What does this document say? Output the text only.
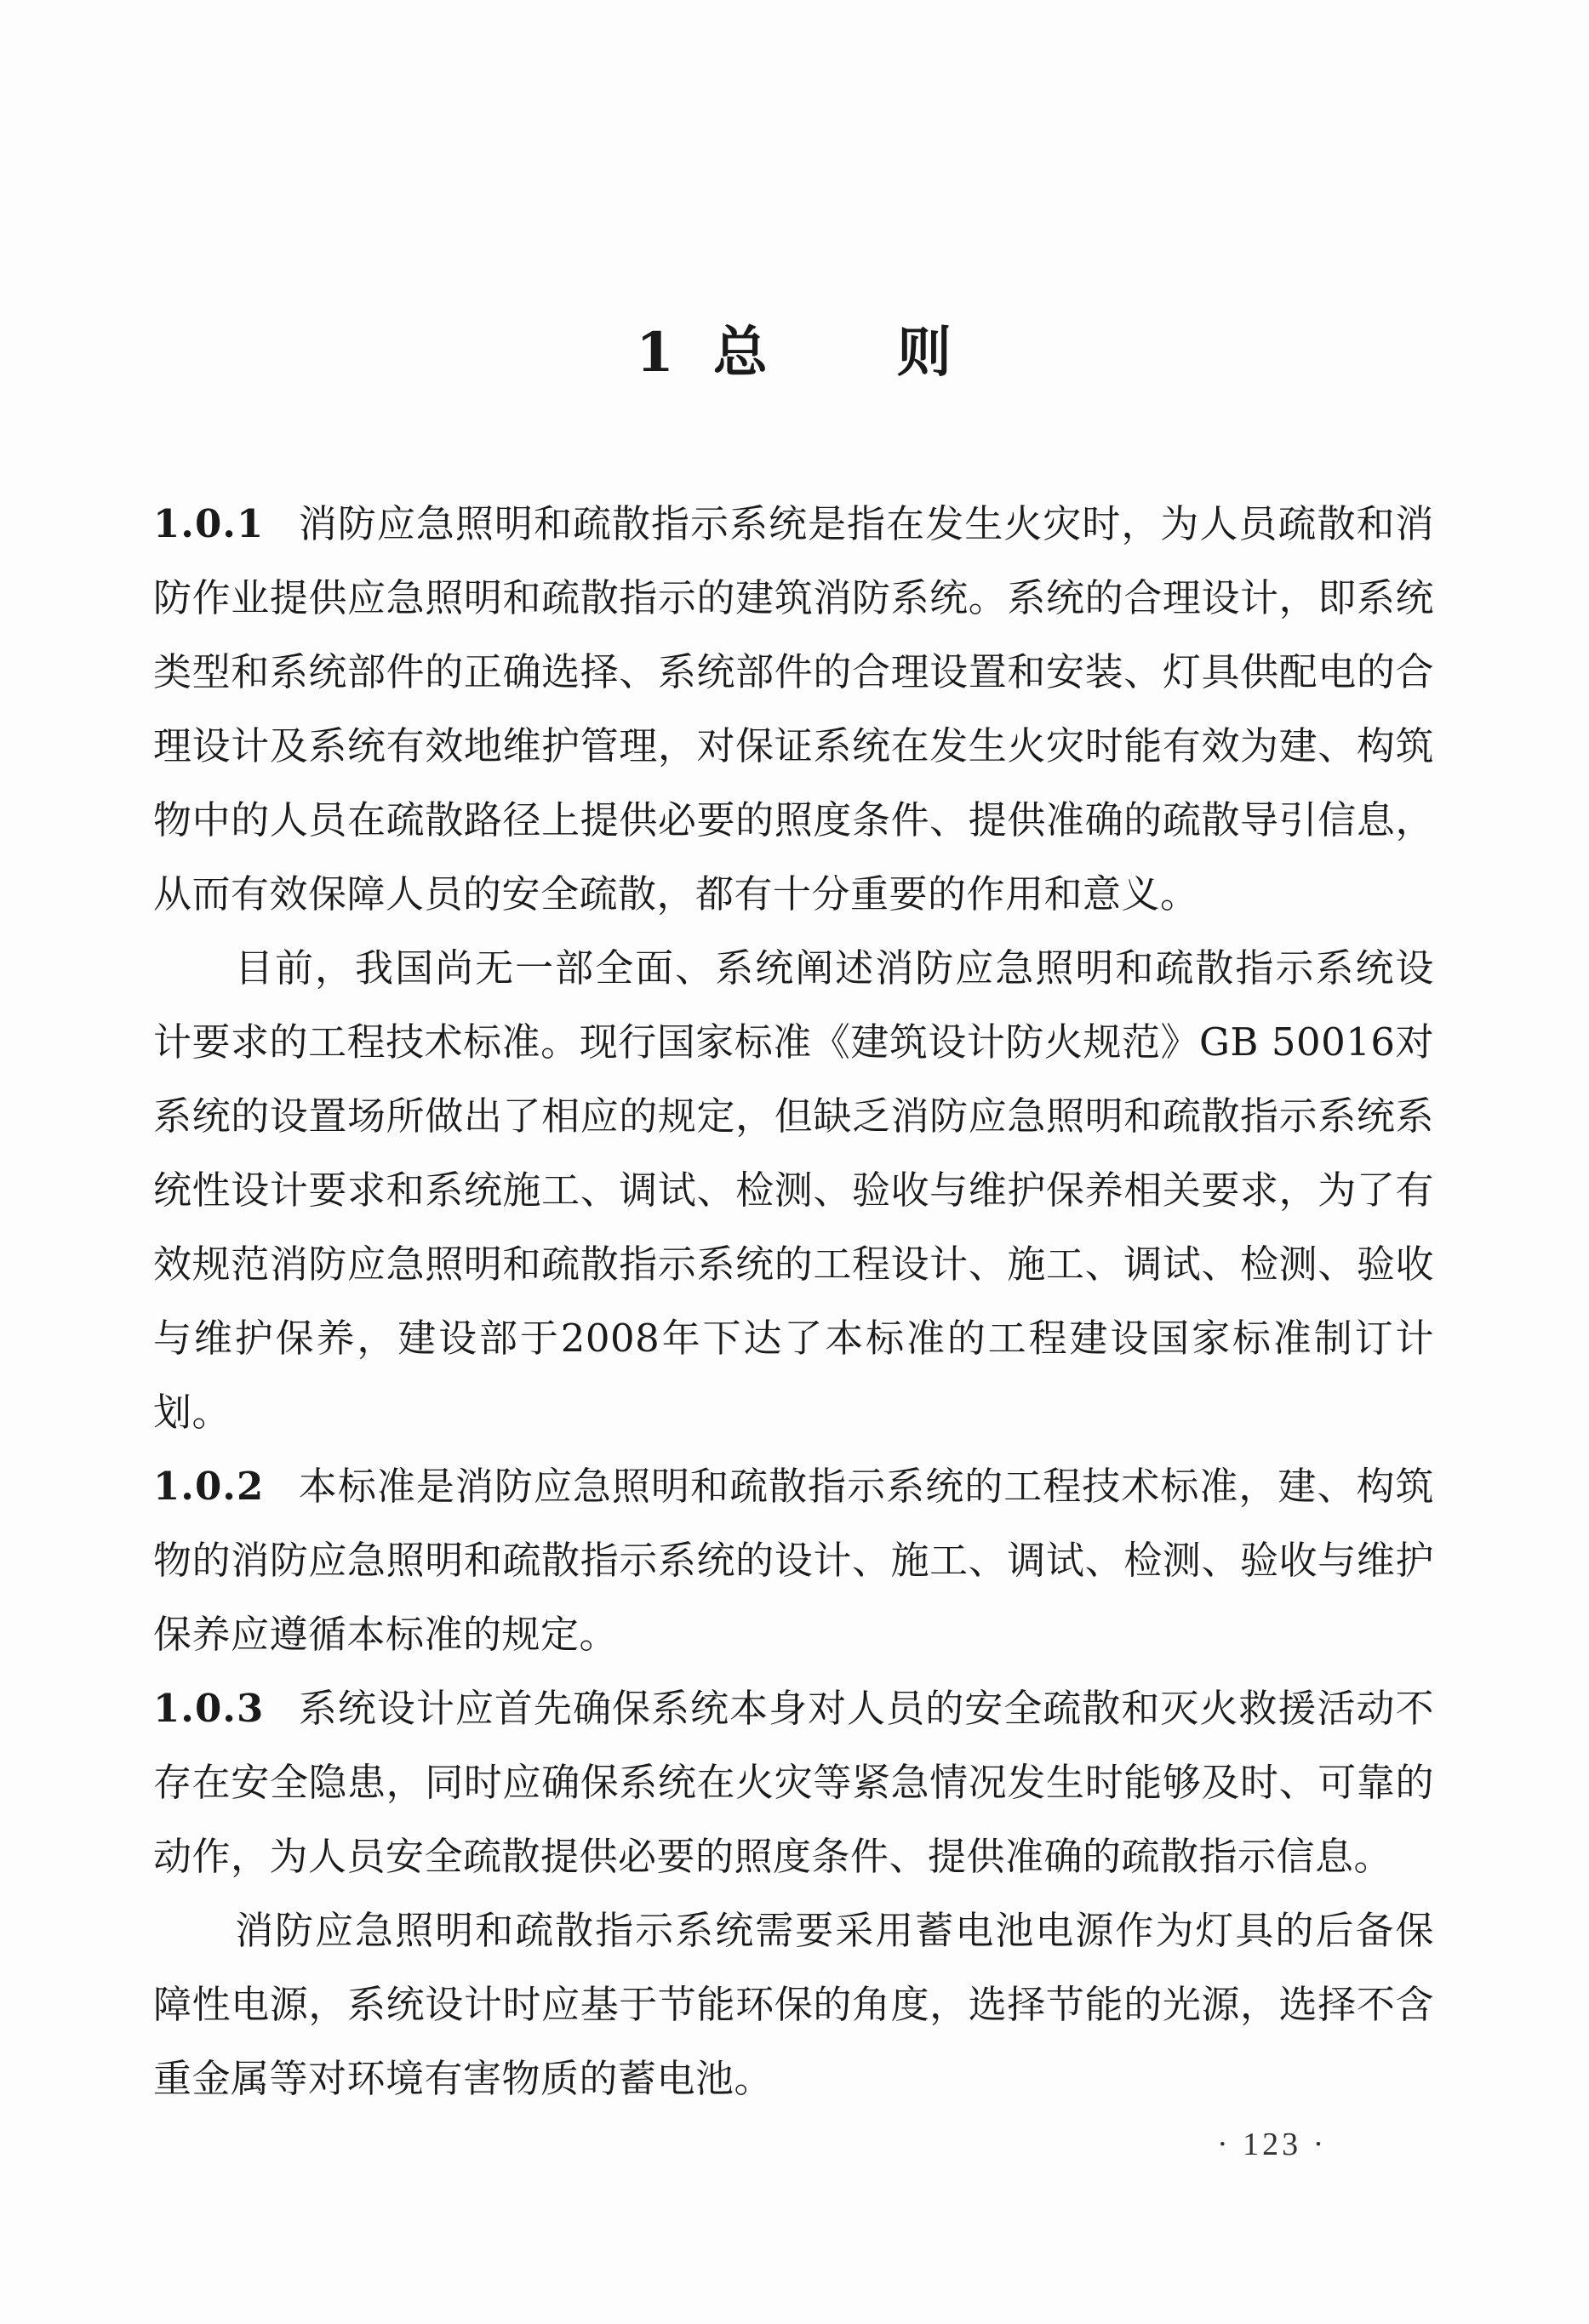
1 总 则

1.0.1 消防应急照明和疏散指示系统是指在发生火灾时，为人员疏散和消防作业提供应急照明和疏散指示的建筑消防系统。系统的合理设计，即系统类型和系统部件的正确选择、系统部件的合理设置和安装、灯具供配电的合理设计及系统有效地维护管理，对保证系统在发生火灾时能有效为建、构筑物中的人员在疏散路径上提供必要的照度条件、提供准确的疏散导引信息，从而有效保障人员的安全疏散，都有十分重要的作用和意义。

目前，我国尚无一部全面、系统阐述消防应急照明和疏散指示系统设计要求的工程技术标准。现行国家标准《建筑设计防火规范》GB 50016对系统的设置场所做出了相应的规定，但缺乏消防应急照明和疏散指示系统系统性设计要求和系统施工、调试、检测、验收与维护保养相关要求，为了有效规范消防应急照明和疏散指示系统的工程设计、施工、调试、检测、验收与维护保养，建设部于2008年下达了本标准的工程建设国家标准制订计划。

1.0.2 本标准是消防应急照明和疏散指示系统的工程技术标准，建、构筑物的消防应急照明和疏散指示系统的设计、施工、调试、检测、验收与维护保养应遵循本标准的规定。

1.0.3 系统设计应首先确保系统本身对人员的安全疏散和灭火救援活动不存在安全隐患，同时应确保系统在火灾等紧急情况发生时能够及时、可靠的动作，为人员安全疏散提供必要的照度条件、提供准确的疏散指示信息。

消防应急照明和疏散指示系统需要采用蓄电池电源作为灯具的后备保障性电源，系统设计时应基于节能环保的角度，选择节能的光源，选择不含重金属等对环境有害物质的蓄电池。

· 123 ·
